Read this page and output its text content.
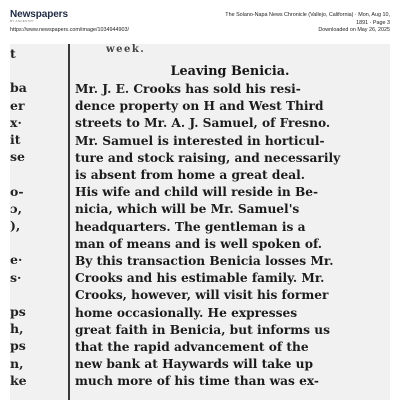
Newspapers
BY ANCESTRY
https://www.newspapers.com/image/1034944903/
The Solano-Napa News Chronicle (Vallejo, California) · Mon, Aug 10,
1891 · Page 3
Downloaded on May 26, 2025
t
ba
er
x·
it
se
o-
ɔ,
),
e·
s·
ps
h,
ps
n,
ke
week.
Leaving Benicia.
Mr. J. E. Crooks has sold his resi-
dence property on H and West Third
streets to Mr. A. J. Samuel, of Fresno.
Mr. Samuel is interested in horticul-
ture and stock raising, and necessarily
is absent from home a great deal.
His wife and child will reside in Be-
nicia, which will be Mr. Samuel's
headquarters. The gentleman is a
man of means and is well spoken of.
By this transaction Benicia losses Mr.
Crooks and his estimable family. Mr.
Crooks, however, will visit his former
home occasionally. He expresses
great faith in Benicia, but informs us
that the rapid advancement of the
new bank at Haywards will take up
much more of his time than was ex-
